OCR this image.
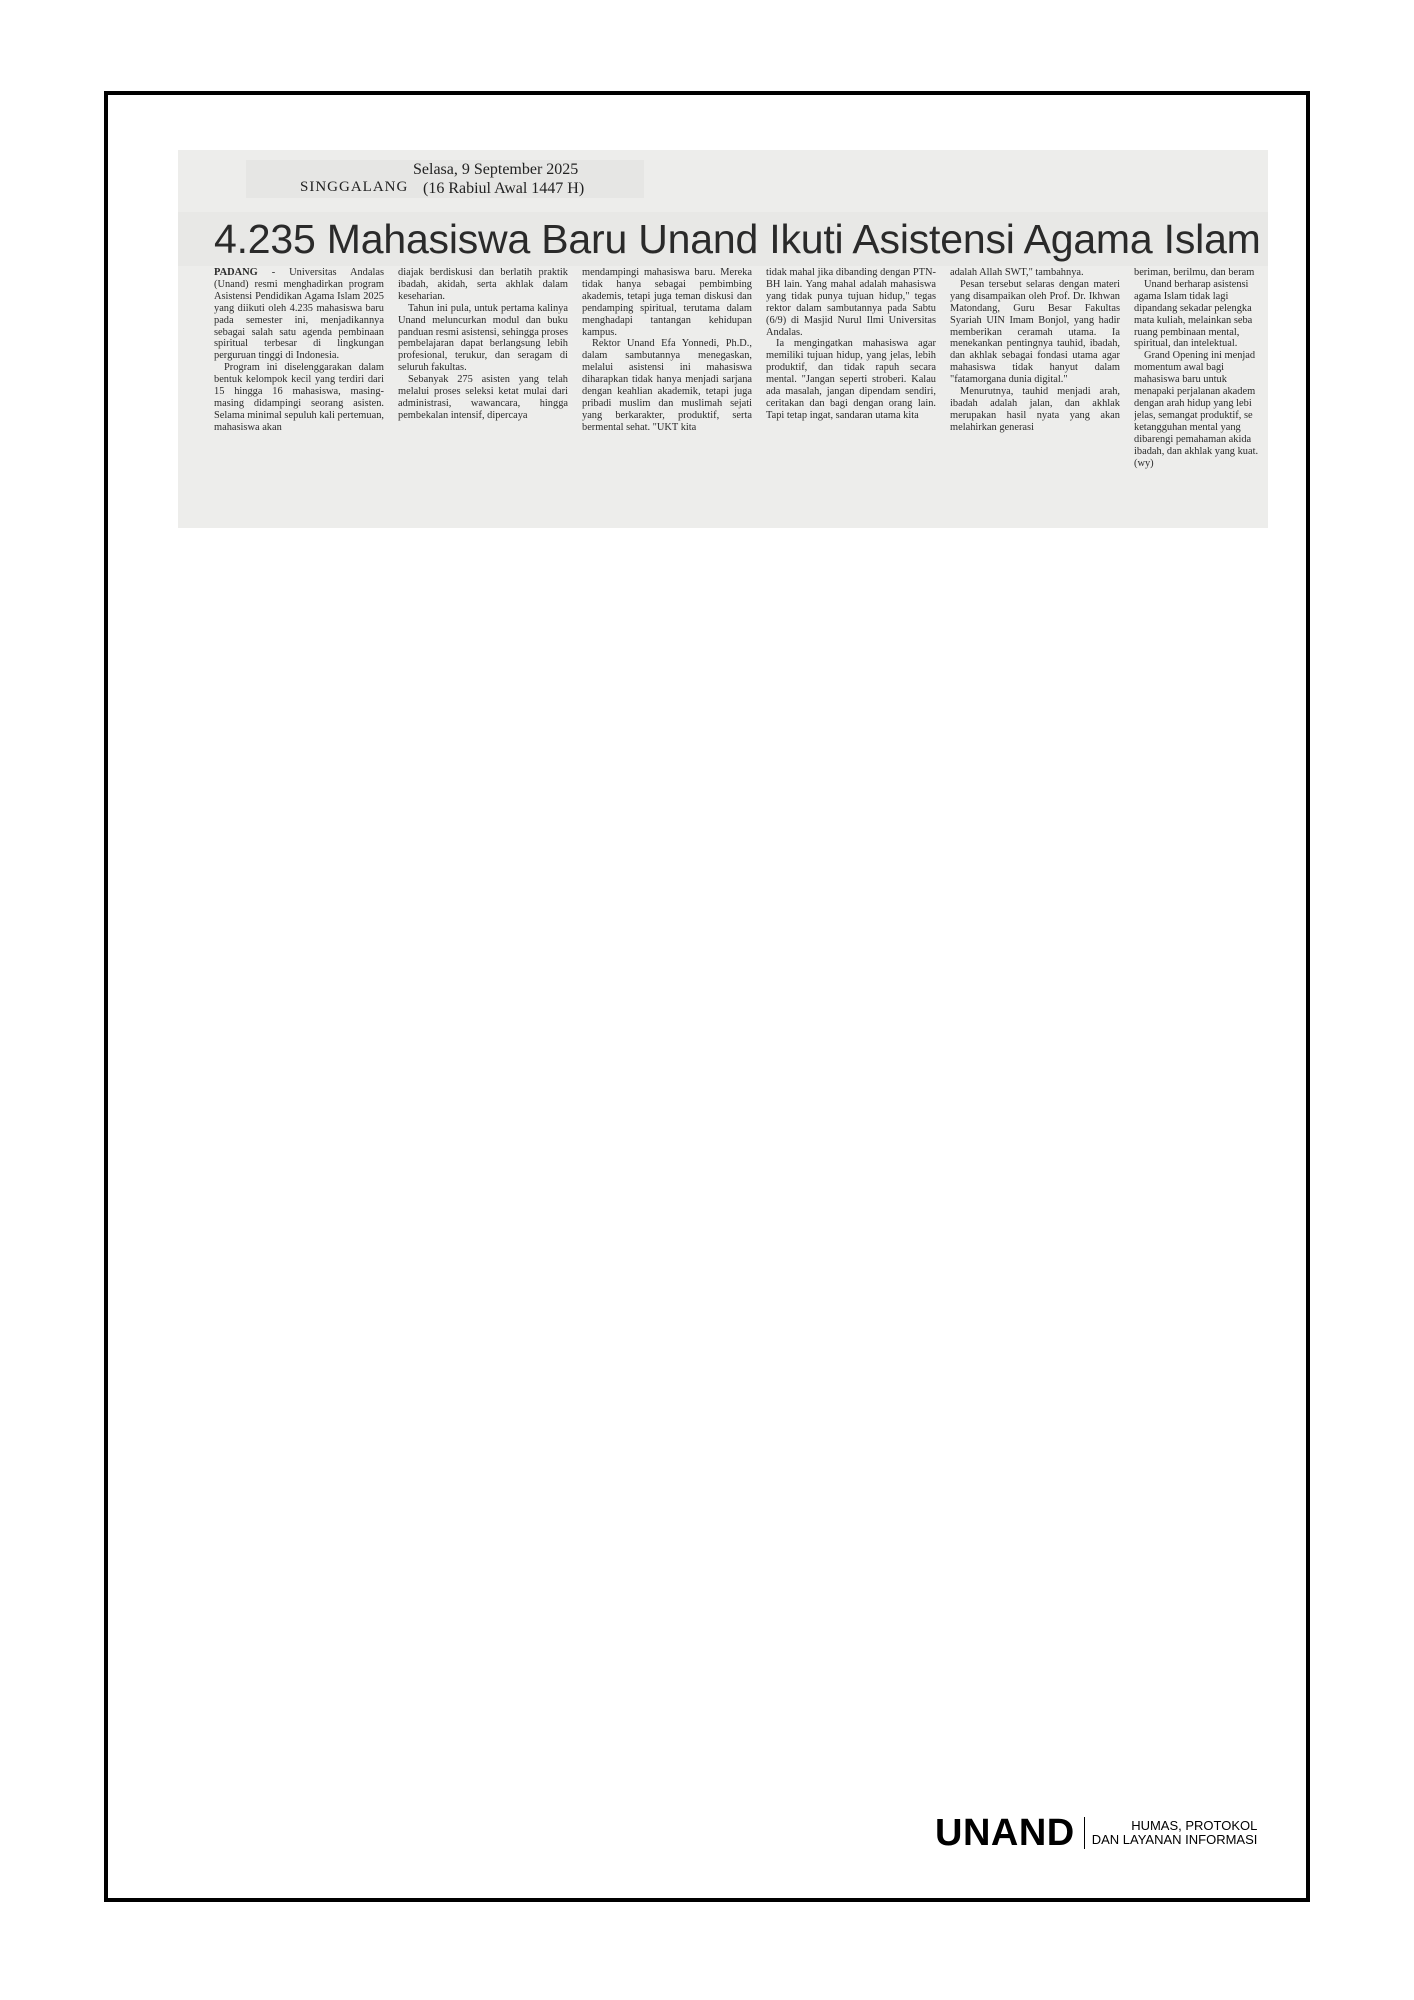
SINGGALANG
Selasa, 9 September 2025
(16 Rabiul Awal 1447 H)
4.235 Mahasiswa Baru Unand Ikuti Asistensi Agama Islam

PADANG - Universitas Andalas (Unand) resmi menghadirkan program Asistensi Pendidikan Agama Islam 2025 yang diikuti oleh 4.235 mahasiswa baru pada semester ini, menjadikannya sebagai salah satu agenda pembinaan spiritual terbesar di lingkungan perguruan tinggi di Indonesia.

Program ini diselenggarakan dalam bentuk kelompok kecil yang terdiri dari 15 hingga 16 mahasiswa, masing-masing didampingi seorang asisten. Selama minimal sepuluh kali pertemuan, mahasiswa akan

diajak berdiskusi dan berlatih praktik ibadah, akidah, serta akhlak dalam keseharian.

Tahun ini pula, untuk pertama kalinya Unand meluncurkan modul dan buku panduan resmi asistensi, sehingga proses pembelajaran dapat berlangsung lebih profesional, terukur, dan seragam di seluruh fakultas.

Sebanyak 275 asisten yang telah melalui proses seleksi ketat mulai dari administrasi, wawancara, hingga pembekalan intensif, dipercaya

mendampingi mahasiswa baru. Mereka tidak hanya sebagai pembimbing akademis, tetapi juga teman diskusi dan pendamping spiritual, terutama dalam menghadapi tantangan kehidupan kampus.

Rektor Unand Efa Yonnedi, Ph.D., dalam sambutannya menegaskan, melalui asistensi ini mahasiswa diharapkan tidak hanya menjadi sarjana dengan keahlian akademik, tetapi juga pribadi muslim dan muslimah sejati yang berkarakter, produktif, serta bermental sehat. "UKT kita

tidak mahal jika dibanding dengan PTN-BH lain. Yang mahal adalah mahasiswa yang tidak punya tujuan hidup," tegas rektor dalam sambutannya pada Sabtu (6/9) di Masjid Nurul Ilmi Universitas Andalas.

Ia mengingatkan mahasiswa agar memiliki tujuan hidup, yang jelas, lebih produktif, dan tidak rapuh secara mental. "Jangan seperti stroberi. Kalau ada masalah, jangan dipendam sendiri, ceritakan dan bagi dengan orang lain. Tapi tetap ingat, sandaran utama kita

adalah Allah SWT," tambahnya.

Pesan tersebut selaras dengan materi yang disampaikan oleh Prof. Dr. Ikhwan Matondang, Guru Besar Fakultas Syariah UIN Imam Bonjol, yang hadir memberikan ceramah utama. Ia menekankan pentingnya tauhid, ibadah, dan akhlak sebagai fondasi utama agar mahasiswa tidak hanyut dalam "fatamorgana dunia digital."

Menurutnya, tauhid menjadi arah, ibadah adalah jalan, dan akhlak merupakan hasil nyata yang akan melahirkan generasi

beriman, berilmu, dan beram

Unand berharap asistensi agama Islam tidak lagi dipandang sekadar pelengka mata kuliah, melainkan seba ruang pembinaan mental, spiritual, dan intelektual.

Grand Opening ini menjad momentum awal bagi mahasiswa baru untuk menapaki perjalanan akadem dengan arah hidup yang lebi jelas, semangat produktif, se ketangguhan mental yang dibarengi pemahaman akida ibadah, dan akhlak yang kuat.(wy)

UNAND	HUMAS, PROTOKOL
DAN LAYANAN INFORMASI
